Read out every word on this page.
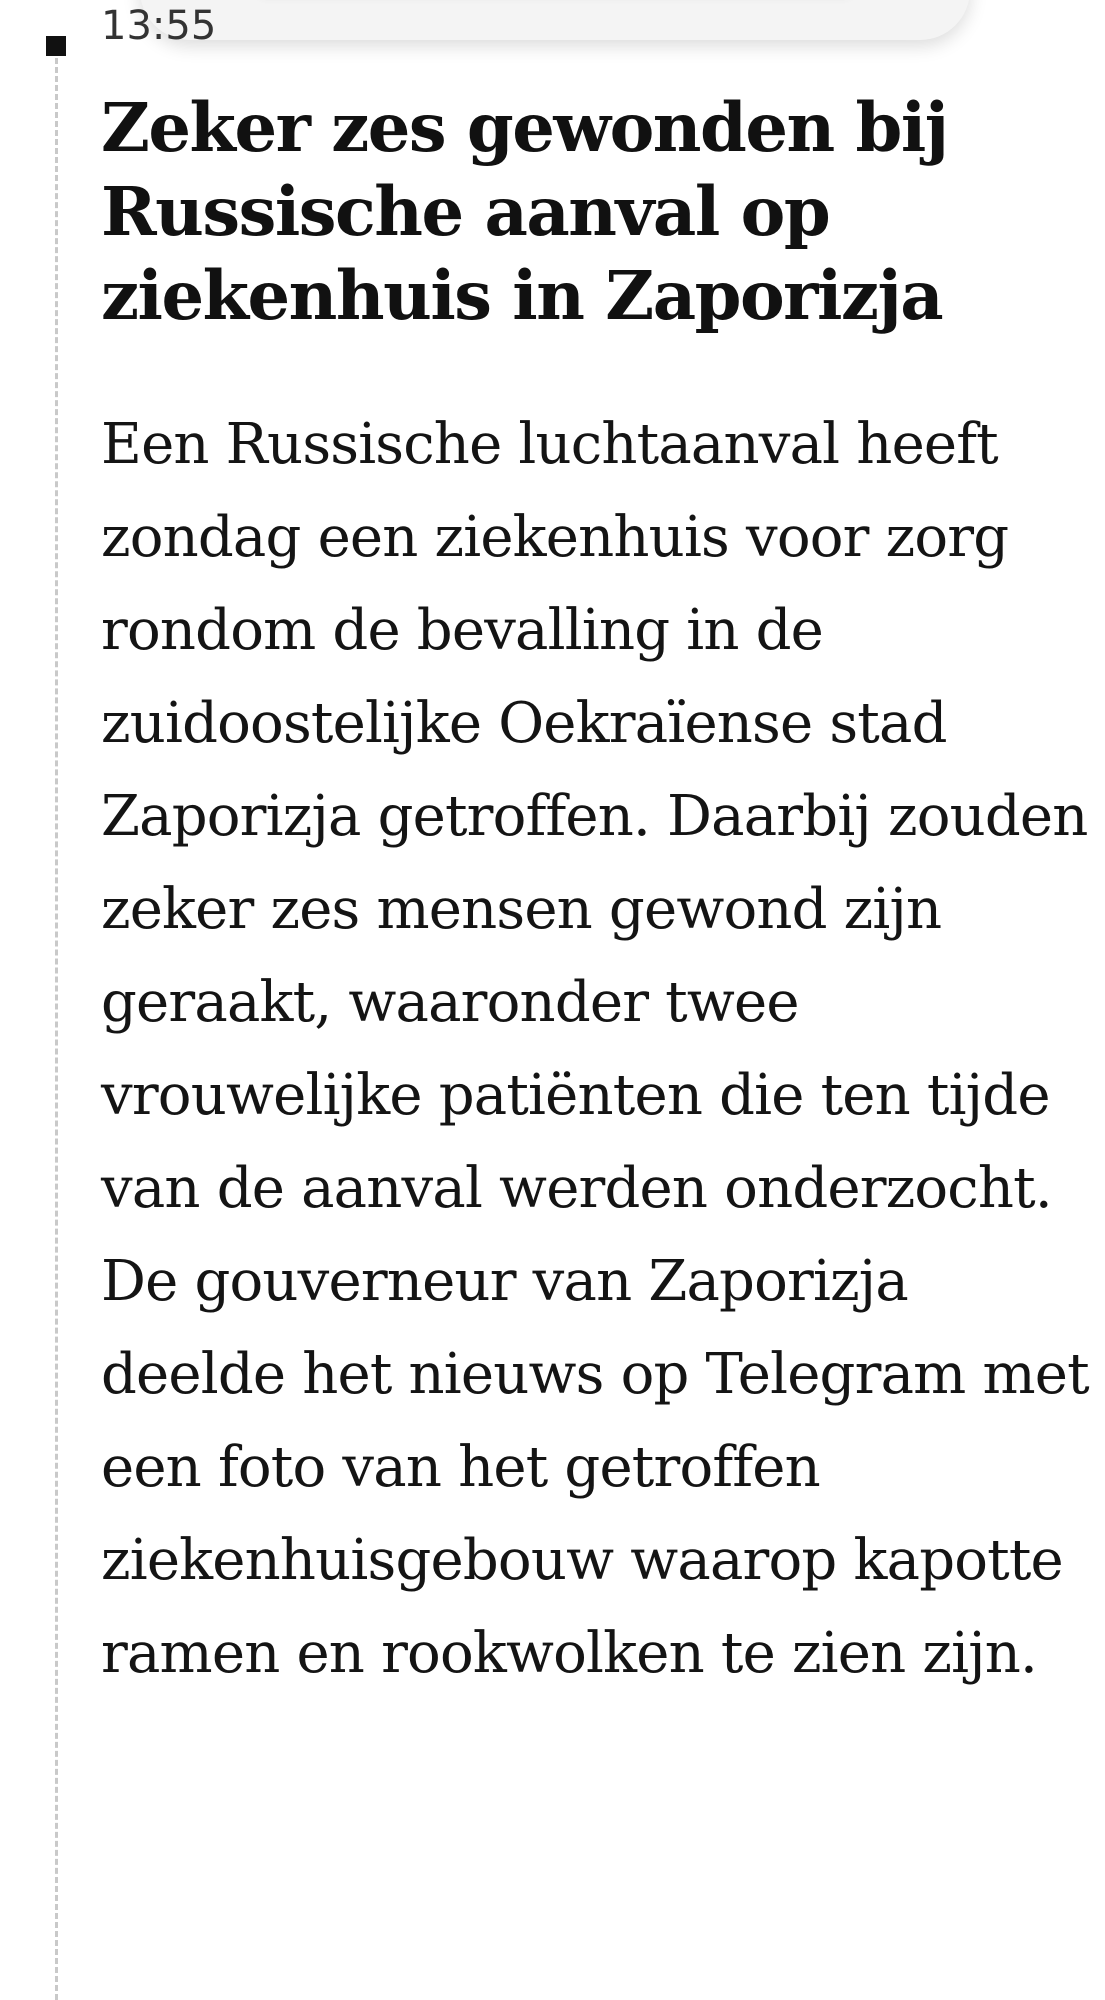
13:55
Zeker zes gewonden bij Russische aanval op ziekenhuis in Zaporizja

Een Russische luchtaanval heeft zondag een ziekenhuis voor zorg rondom de bevalling in de zuidoostelijke Oekraïense stad Zaporizja getroffen. Daarbij zouden zeker zes mensen gewond zijn geraakt, waaronder twee vrouwelijke patiënten die ten tijde van de aanval werden onderzocht. De gouverneur van Zaporizja deelde het nieuws op Telegram met een foto van het getroffen ziekenhuisgebouw waarop kapotte ramen en rookwolken te zien zijn.
